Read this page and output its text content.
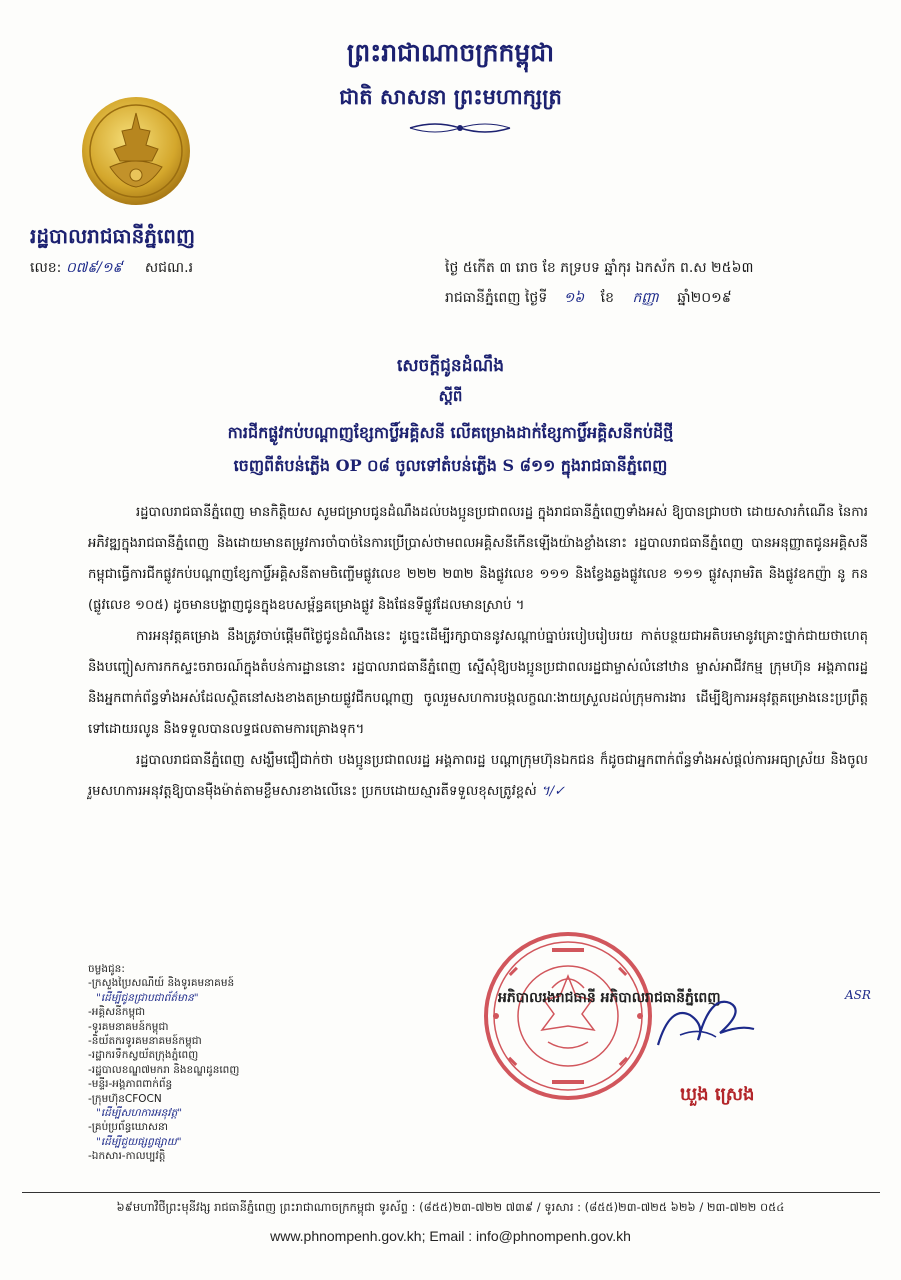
ព្រះរាជាណាចក្រកម្ពុជា
ជាតិ សាសនា ព្រះមហាក្សត្រ
រដ្ឋបាលរាជធានីភ្នំពេញ
លេខ: ០៧៩/១៩ សជណ.រ	ថ្ងៃ ៥កើត ៣ រោច ខែ ភទ្របទ ឆ្នាំកុរ ឯកស័ក ព.ស ២៥៦៣
រាជធានីភ្នំពេញ ថ្ងៃទី ១៦ ខែ កញ្ញា ឆ្នាំ២០១៩
សេចក្តីជូនដំណឹង
ស្តីពី
ការជីកផ្លូវកប់បណ្តាញខ្សែកាប្លិ៍អគ្គិសនី លើគម្រោងដាក់ខ្សែកាប្លិ៍អគ្គិសនីកប់ដីថ្មី
ចេញពីតំបន់ភ្លើង OP ០៨ ចូលទៅតំបន់ភ្លើង S ៨១១ ក្នុងរាជធានីភ្នំពេញ

រដ្ឋបាលរាជធានីភ្នំពេញ មានកិត្តិយស សូមជម្រាបជូនដំណឹងដល់បងប្អូនប្រជាពលរដ្ឋ ក្នុងរាជធានីភ្នំពេញទាំងអស់ ឱ្យបានជ្រាបថា ដោយសារកំណើន នៃការអភិវឌ្ឍក្នុងរាជធានីភ្នំពេញ និងដោយមានតម្រូវការចាំបាច់នៃការប្រើប្រាស់ថាមពលអគ្គិសនីកើនឡើងយ៉ាងខ្លាំងនោះ រដ្ឋបាលរាជធានីភ្នំពេញ បានអនុញ្ញាតជូនអគ្គិសនីកម្ពុជាធ្វើការជីកផ្លូវកប់បណ្តាញខ្សែកាប្លិ៍អគ្គិសនីតាមចិញ្ចើមផ្លូវលេខ ២២២ ២៣២ និងផ្លូវលេខ ១១១ និងខ្វែងឆ្លងផ្លូវលេខ ១១១ ផ្លូវសុរាមរិត និងផ្លូវឧកញ៉ា នូ កន (ផ្លូវលេខ ១០៥) ដូចមានបង្ហាញជូនក្នុងឧបសម្ព័ន្ធគម្រោងផ្លូវ និងផែនទីផ្លូវដែលមានស្រាប់ ។

ការអនុវត្តគម្រោង នឹងត្រូវចាប់ផ្តើមពីថ្ងៃជូនដំណឹងនេះ ដូច្នេះដើម្បីរក្សាបាននូវសណ្តាប់ធ្នាប់របៀបរៀបរយ កាត់បន្ថយជាអតិបរមានូវគ្រោះថ្នាក់ជាយថាហេតុ និងបញ្ចៀសការកកស្ទះចរាចរណ៍ក្នុងតំបន់ការដ្ឋាននោះ រដ្ឋបាលរាជធានីភ្នំពេញ ស្នើសុំឱ្យបងប្អូនប្រជាពលរដ្ឋជាម្ចាស់លំនៅឋាន ម្ចាស់អាជីវកម្ម ក្រុមហ៊ុន អង្គភាពរដ្ឋ និងអ្នកពាក់ព័ន្ធទាំងអស់ដែលស្ថិតនៅសងខាងតម្រាយផ្លូវជីកបណ្តាញ ចូលរួមសហការបង្កលក្ខណៈងាយស្រួលដល់ក្រុមការងារ ដើម្បីឱ្យការអនុវត្តគម្រោងនេះប្រព្រឹត្តទៅដោយរលូន និងទទួលបានលទ្ធផលតាមការគ្រោងទុក។

រដ្ឋបាលរាជធានីភ្នំពេញ សង្ឃឹមជឿជាក់ថា បងប្អូនប្រជាពលរដ្ឋ អង្គភាពរដ្ឋ បណ្តាក្រុមហ៊ុនឯកជន ក៏ដូចជាអ្នកពាក់ព័ន្ធទាំងអស់ផ្តល់ការអធ្យាស្រ័យ និងចូលរួមសហការអនុវត្តឱ្យបានម៉ឺងម៉ាត់តាមខ្លឹមសារខាងលើនេះ ប្រកបដោយស្មារតីទទួលខុសត្រូវខ្ពស់ ។/✓

ចម្លងជូន:
-ក្រសួងប្រៃសណីយ៍ និងទូរគមនាគមន៍
"ដើម្បីជូនជ្រាបជាព័ត៌មាន"
-អគ្គិសនីកម្ពុជា
-ទូរគមនាគមន៍កម្ពុជា
-និយ័តករទូរគមនាគមន៍កម្ពុជា
-រដ្ឋាករទឹកស្វយ័តក្រុងភ្នំពេញ
-រដ្ឋបាលខណ្ឌ៧មករា និងខណ្ឌដូនពេញ
-មន្ទីរ-អង្គភាពពាក់ព័ន្ធ
-ក្រុមហ៊ុនCFOCN
"ដើម្បីសហការអនុវត្ត"
-គ្រប់ប្រព័ន្ធឃោសនា
"ដើម្បីជួយផ្សព្វផ្សាយ"
-ឯកសារ-កាលប្បវត្តិ
អភិបាលរងរាជធានី អភិបាលរាជធានីភ្នំពេញ	ASR
ឃួង ស្រេង
៦៩មហាវិថីព្រះមុនីវង្ស រាជធានីភ្នំពេញ ព្រះរាជាណាចក្រកម្ពុជា ទូរស័ព្ទ : (៨៥៥)២៣-៧២២ ៧៣៩ / ទូរសារ : (៨៥៥)២៣-៧២៥ ៦២៦ / ២៣-៧២២ ០៥៤
www.phnompenh.gov.kh; Email : info@phnompenh.gov.kh
